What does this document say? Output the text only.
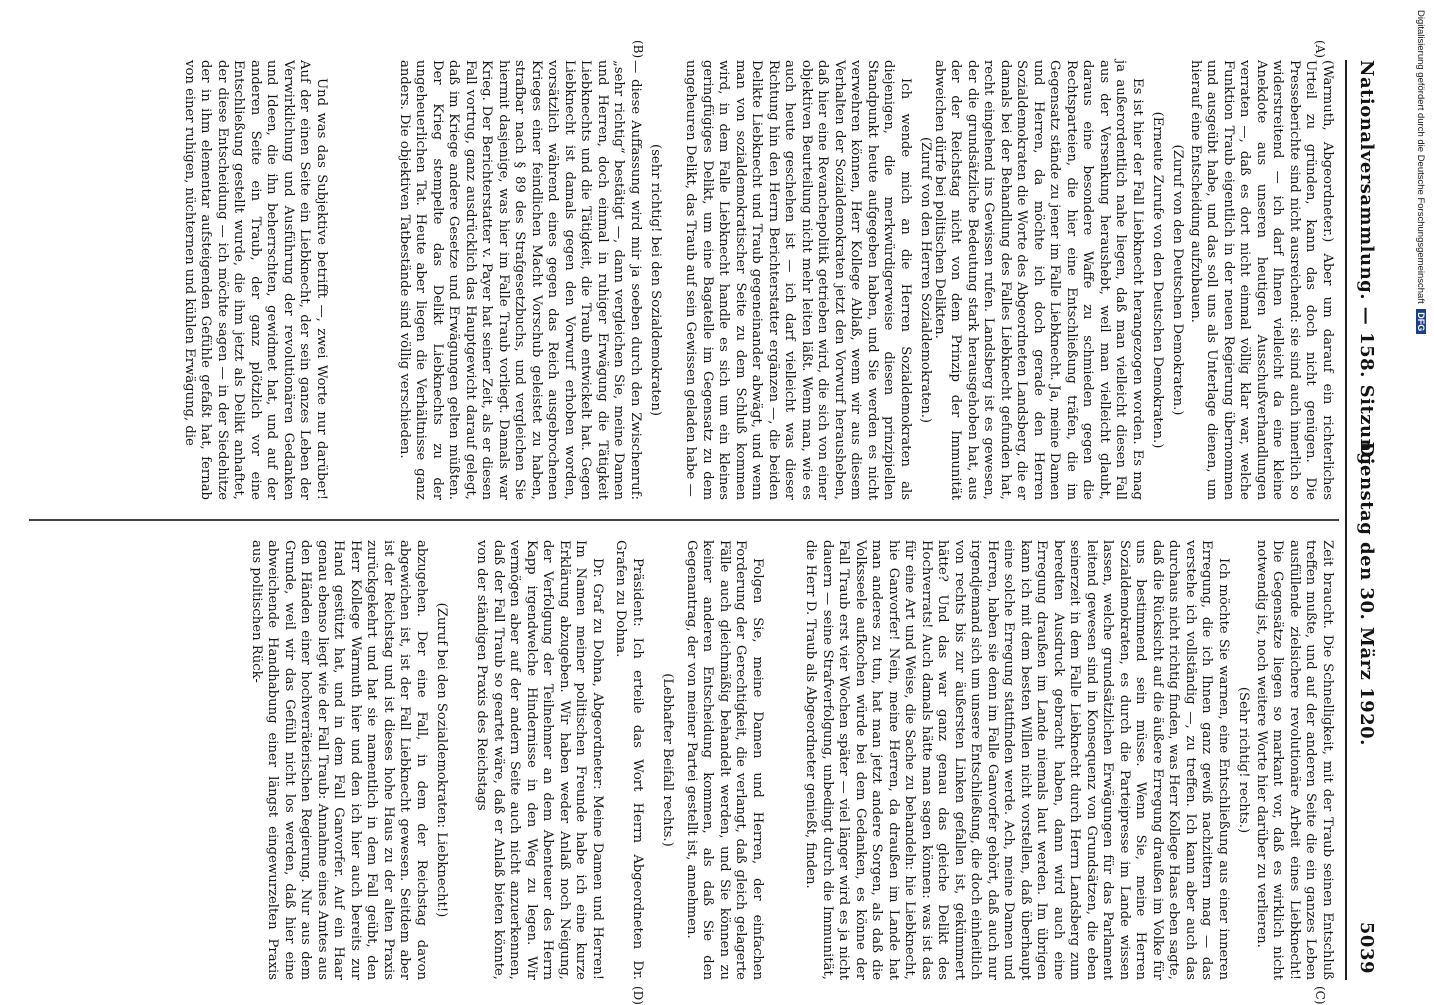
Nationalversammlung. — 158. Sitzung.
Dienstag den 30. März 1920.                          5039
(A)
(B)

(Warmuth, Abgeordneter.) Aber um darauf ein richterliches Urteil zu gründen, kann das doch nicht genügen. Die Presseberichte sind nicht ausreichend: sie sind auch innerlich so widerstreitend — ich darf Ihnen vielleicht da eine kleine Anekdote aus unseren heutigen Ausschußverhandlungen verraten —, daß es dort nicht einmal völlig klar war, welche Funktion Traub eigentlich in der neuen Regierung übernommen und ausgeübt habe, und das soll uns als Unterlage dienen, um hierauf eine Entscheidung aufzubauen.

(Zuruf von den Deutschen Demokraten.)

(Erneute Zurufe von den Deutschen Demokraten.)

Es ist hier der Fall Liebknecht herangezogen worden. Es mag ja außerordentlich nahe liegen, daß man vielleicht diesen Fall aus der Versenkung heraushebt, weil man vielleicht glaubt, daraus eine besondere Waffe zu schmieden gegen die Rechtsparteien, die hier eine Entschließung träfen, die im Gegensatz stände zu jener im Falle Liebknecht. Ja, meine Damen und Herren, da möchte ich doch gerade den Herren Sozialdemokraten die Worte des Abgeordneten Landsberg, die er damals bei der Behandlung des Falles Liebknecht gefunden hat, recht eingehend ins Gewissen rufen. Landsberg ist es gewesen, der die grundsätzliche Bedeutung stark herausgehoben hat, aus der der Reichstag nicht von dem Prinzip der Immunität abweichen dürfe bei politischen Delikten.

(Zuruf von den Herren Sozialdemokraten.)

Ich wende mich an die Herren Sozialdemokraten als diejenigen, die merkwürdigerweise diesen prinzipiellen Standpunkt heute aufgegeben haben, und Sie werden es nicht verwehren können, Herr Kollege Ablaß, wenn wir aus diesem Verhalten der Sozialdemokraten jetzt den Vorwurf herausheben, daß hier eine Revanchepolitik getrieben wird, die sich von einer objektiven Beurteilung nicht mehr leiten läßt. Wenn man, wie es auch heute geschehen ist — ich darf vielleicht was dieser Richtung hin den Herrn Berichterstatter ergänzen —, die beiden Delikte Liebknecht und Traub gegeneinander abwägt, und wenn man von sozialdemokratischer Seite zu dem Schluß kommen wird, in dem Falle Liebknecht handle es sich um ein kleines geringfügiges Delikt, um eine Bagatelle im Gegensatz zu dem ungeheuren Delikt, das Traub auf sein Gewissen geladen habe —

(sehr richtig! bei den Sozialdemokraten)

— diese Auffassung wird mir ja soeben durch den Zwischenruf: „sehr richtig“ bestätigt —, dann vergleichen Sie, meine Damen und Herren, doch einmal in ruhiger Erwägung die Tätigkeit Liebknechts und die Tätigkeit, die Traub entwickelt hat. Gegen Liebknecht ist damals gegen den Vorwurf erhoben worden, vorsätzlich während eines gegen das Reich ausgebrochenen Krieges einer feindlichen Macht Vorschub geleistet zu haben, strafbar nach § 89 des Strafgesetzbuchs, und vergleichen Sie hiermit dasjenige, was hier im Falle Traub vorliegt. Damals war Krieg. Der Berichterstatter v. Payer hat seiner Zeit, als er diesen Fall vortrug, ganz ausdrücklich das Hauptgewicht darauf gelegt, daß im Kriege andere Gesetze und Erwägungen gelten müßten. Der Krieg stempelte das Delikt Liebknechts zu der ungeheuerlichen Tat. Heute aber liegen die Verhältnisse ganz anders. Die objektiven Tatbestände sind völlig verschieden.

Und was das Subjektive betrifft —, zwei Worte nur darüber! Auf der einen Seite ein Liebknecht, der sein ganzes Leben der Verwirklichung und Ausführung der revolutionären Gedanken und Ideen, die ihn beherrschten, gewidmet hat, und auf der anderen Seite ein Traub, der ganz plötzlich vor eine Entschließung gestellt wurde, die ihm jetzt als Delikt anhaftet, der diese Entscheidung — ich möchte sagen — in der Siedehitze der in ihm elementar aufsteigenden Gefühle gefaßt hat, fernab von einer ruhigen, nüchternen und kühlen Erwägung, die

(C)
(D)

Zeit braucht. Die Schnelligkeit, mit der Traub seinen Entschluß treffen mußte, und auf der anderen Seite die ein ganzes Leben ausfüllende zielsichere revolutionäre Arbeit eines Liebknecht! Die Gegensätze liegen so markant vor, daß es wirklich nicht notwendig ist, noch weitere Worte hier darüber zu verlieren.

(Sehr richtig! rechts.)

Ich möchte Sie warnen, eine Entschließung aus einer inneren Erregung, die ich Ihnen ganz gewiß nachzittern mag — das verstehe ich vollständig —, zu treffen. Ich kann aber auch das durchaus nicht richtig finden, was Herr Kollege Haas eben sagte, daß die Rücksicht auf die äußere Erregung draußen im Volke für uns bestimmend sein müsse. Wenn Sie, meine Herren Sozialdemokraten, es durch die Parteipresse im Lande wissen lassen, welche grundsätzlichen Erwägungen für das Parlament leitend gewesen sind in Konsequenz von Grundsätzen, die eben seinerzeit in dem Falle Liebknecht durch Herrn Landsberg zum beredten Ausdruck gebracht haben, dann wird auch eine Erregung draußen im Lande niemals laut werden. Im übrigen kann ich mit dem besten Willen nicht vorstellen, daß überhaupt eine solche Erregung stattfinden werde. Ach, meine Damen und Herren, haben sie denn im Falle Ganvorfer gehört, daß auch nur irgendjemand sich um unsere Entschließung, die doch einheitlich von rechts bis zur äußersten Linken gefallen ist, gekümmert hätte? Und das war ganz genau das gleiche Delikt des Hochverrats! Auch damals hätte man sagen können: was ist das für eine Art und Weise, die Sache zu behandeln: hie Liebknecht, hie Ganvorfer! Nein, meine Herren, da draußen im Lande hat man anderes zu tun, hat man jetzt andere Sorgen, als daß die Volksseele aufkochen würde bei dem Gedanken, es könne der Fall Traub erst vier Wochen später — viel länger wird es ja nicht dauern — seine Strafverfolgung, unbedingt durch die Immunität, die Herr D. Traub als Abgeordneter genießt, finden.

Folgen Sie, meine Damen und Herren, der einfachen Forderung der Gerechtigkeit, die verlangt, daß gleich gelagerte Fälle auch gleichmäßig behandelt werden, und Sie können zu keiner anderen Entscheidung kommen, als daß Sie den Gegenantrag, der von meiner Partei gestellt ist, annehmen.

(Lebhafter Beifall rechts.)

Präsident: Ich erteile das Wort Herrn Abgeordneten Dr. Grafen zu Dohna.

Dr. Graf zu Dohna, Abgeordneter: Meine Damen und Herren! Im Namen meiner politischen Freunde habe ich eine kurze Erklärung abzugeben. Wir haben weder Anlaß noch Neigung, der Verfolgung der Teilnehmer an dem Abenteuer des Herrn Kapp irgendwelche Hindernisse in den Weg zu legen. Wir vermögen aber auf der andern Seite auch nicht anzuerkennen, daß der Fall Traub so geartet wäre, daß er Anlaß bieten könnte, von der ständigen Praxis des Reichstags

(Zuruf bei den Sozialdemokraten: Liebknecht!)

abzugehen. Der eine Fall, in dem der Reichstag davon abgewichen ist, ist der Fall Liebknecht gewesen. Seitdem aber ist der Reichstag und ist dieses hohe Haus zu der alten Praxis zurückgekehrt und hat sie namentlich in dem Fall geübt, den Herr Kollege Warmuth hier und den ich hier auch bereits zur Hand gestützt hat, und in dem Fall Ganvorfer. Auf ein Haar genau ebenso liegt wie der Fall Traub: Annahme eines Amtes aus den Händen einer hochverräterischen Regierung. Nur aus dem Grunde, weil wir das Gefühl nicht los werden, daß hier eine abweichende Handhabung einer längst eingewurzelten Praxis aus politischen Rück-

Digitalisierung gefördert durch die Deutsche Forschungsgemeinschaft DFG
